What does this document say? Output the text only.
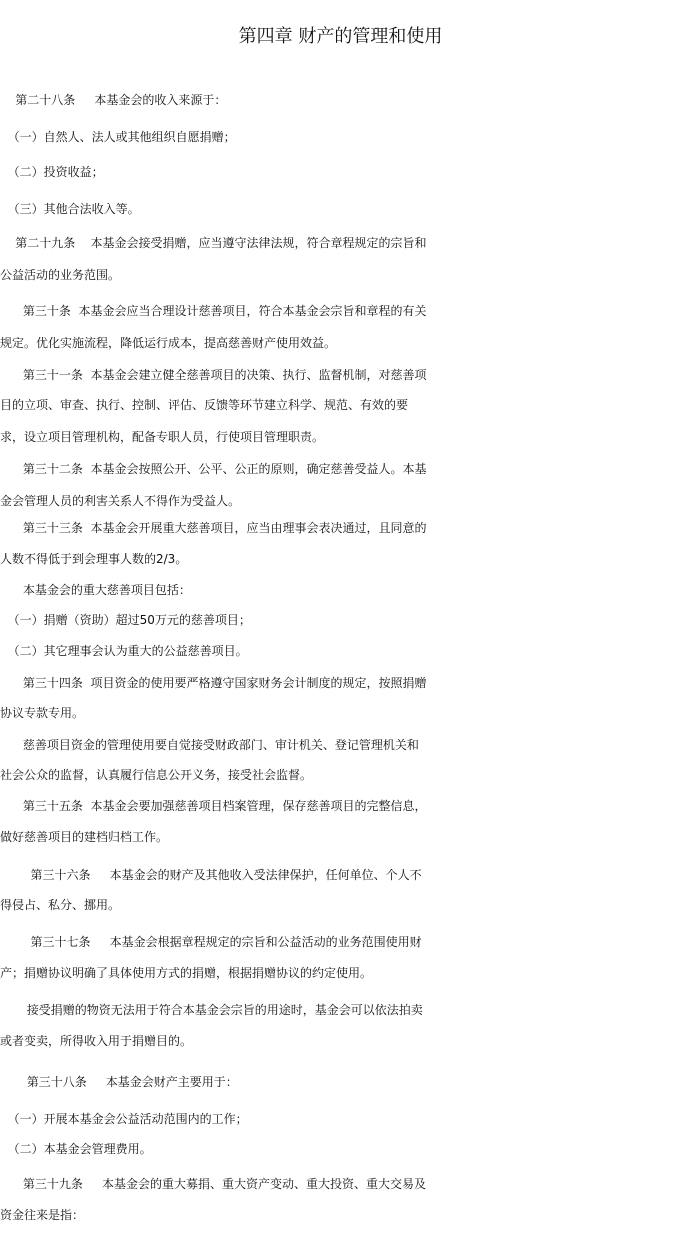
第四章 财产的管理和使用
第二十八条     本基金会的收入来源于：
（一）自然人、法人或其他组织自愿捐赠；
（二）投资收益；
（三）其他合法收入等。
第二十九条    本基金会接受捐赠，应当遵守法律法规，符合章程规定的宗旨和
公益活动的业务范围。
第三十条  本基金会应当合理设计慈善项目，符合本基金会宗旨和章程的有关
规定。优化实施流程，降低运行成本，提高慈善财产使用效益。
第三十一条  本基金会建立健全慈善项目的决策、执行、监督机制，对慈善项
目的立项、审查、执行、控制、评估、反馈等环节建立科学、规范、有效的要
求，设立项目管理机构，配备专职人员，行使项目管理职责。
第三十二条  本基金会按照公开、公平、公正的原则，确定慈善受益人。本基
金会管理人员的利害关系人不得作为受益人。
第三十三条  本基金会开展重大慈善项目，应当由理事会表决通过，且同意的
人数不得低于到会理事人数的2/3。
本基金会的重大慈善项目包括：
（一）捐赠（资助）超过50万元的慈善项目；
（二）其它理事会认为重大的公益慈善项目。
第三十四条  项目资金的使用要严格遵守国家财务会计制度的规定，按照捐赠
协议专款专用。
慈善项目资金的管理使用要自觉接受财政部门、审计机关、登记管理机关和
社会公众的监督，认真履行信息公开义务，接受社会监督。
第三十五条  本基金会要加强慈善项目档案管理，保存慈善项目的完整信息，
做好慈善项目的建档归档工作。
第三十六条     本基金会的财产及其他收入受法律保护，任何单位、个人不
得侵占、私分、挪用。
第三十七条     本基金会根据章程规定的宗旨和公益活动的业务范围使用财
产；捐赠协议明确了具体使用方式的捐赠，根据捐赠协议的约定使用。
接受捐赠的物资无法用于符合本基金会宗旨的用途时，基金会可以依法拍卖
或者变卖，所得收入用于捐赠目的。
第三十八条     本基金会财产主要用于：
（一）开展本基金会公益活动范围内的工作；
（二）本基金会管理费用。
第三十九条     本基金会的重大募捐、重大资产变动、重大投资、重大交易及
资金往来是指：
